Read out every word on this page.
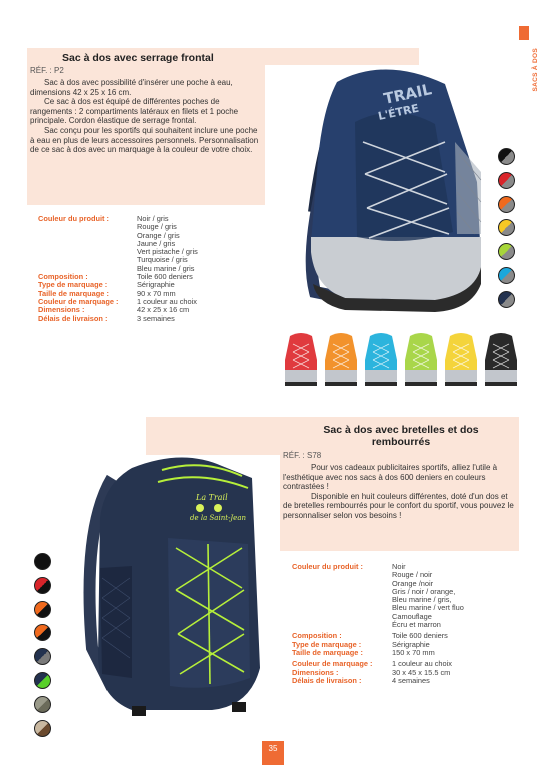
SACS À DOS
Sac à dos avec serrage frontal
RÉF. : P2

Sac à dos avec possibilité d'insérer une poche à eau, dimensions 42 x 25 x 16 cm.

Ce sac à dos est équipé de différentes poches de rangements : 2 compartiments latéraux en filets et 1 poche principale. Cordon élastique de serrage frontal.

Sac conçu pour les sportifs qui souhaitent inclure une poche à eau en plus de leurs accessoires personnels. Personnalisation de ce sac à dos avec un marquage à la couleur de votre choix.

Couleur du produit :	Noir / gris
Rouge / gris
Orange / gris
Jaune / gris
Vert pistache / gris
Turquoise / gris
Bleu marine / gris
Composition :	Toile 600 deniers
Type de marquage :	Sérigraphie
Taille de marquage :	90 x 70 mm
Couleur de marquage :	1 couleur au choix
Dimensions :	42 x 25 x 16 cm
Délais de livraison :	3 semaines
TRAIL
L'ÉTRE
Sac à dos avec bretelles et dos rembourrés
RÉF. : S78

Pour vos cadeaux publicitaires sportifs, alliez l'utile à l'esthétique avec nos sacs à dos 600 deniers en couleurs contrastées !

Disponible en huit couleurs différentes, doté d'un dos et de bretelles rembourrés pour le confort du sportif, vous pouvez le personnaliser selon vos besoins !

Couleur du produit :	Noir
Rouge / noir
Orange /noir
Gris / noir / orange,
Bleu marine / gris,
Bleu marine / vert fluo
Camouflage
Écru et marron
Composition :	Toile 600 deniers
Type de marquage :	Sérigraphie
Taille de marquage :	150 x 70 mm
Couleur de marquage :	1 couleur au choix
Dimensions :	30 x 45 x 15.5 cm
Délais de livraison :	4 semaines
La Trail
de la Saint-Jean
35
